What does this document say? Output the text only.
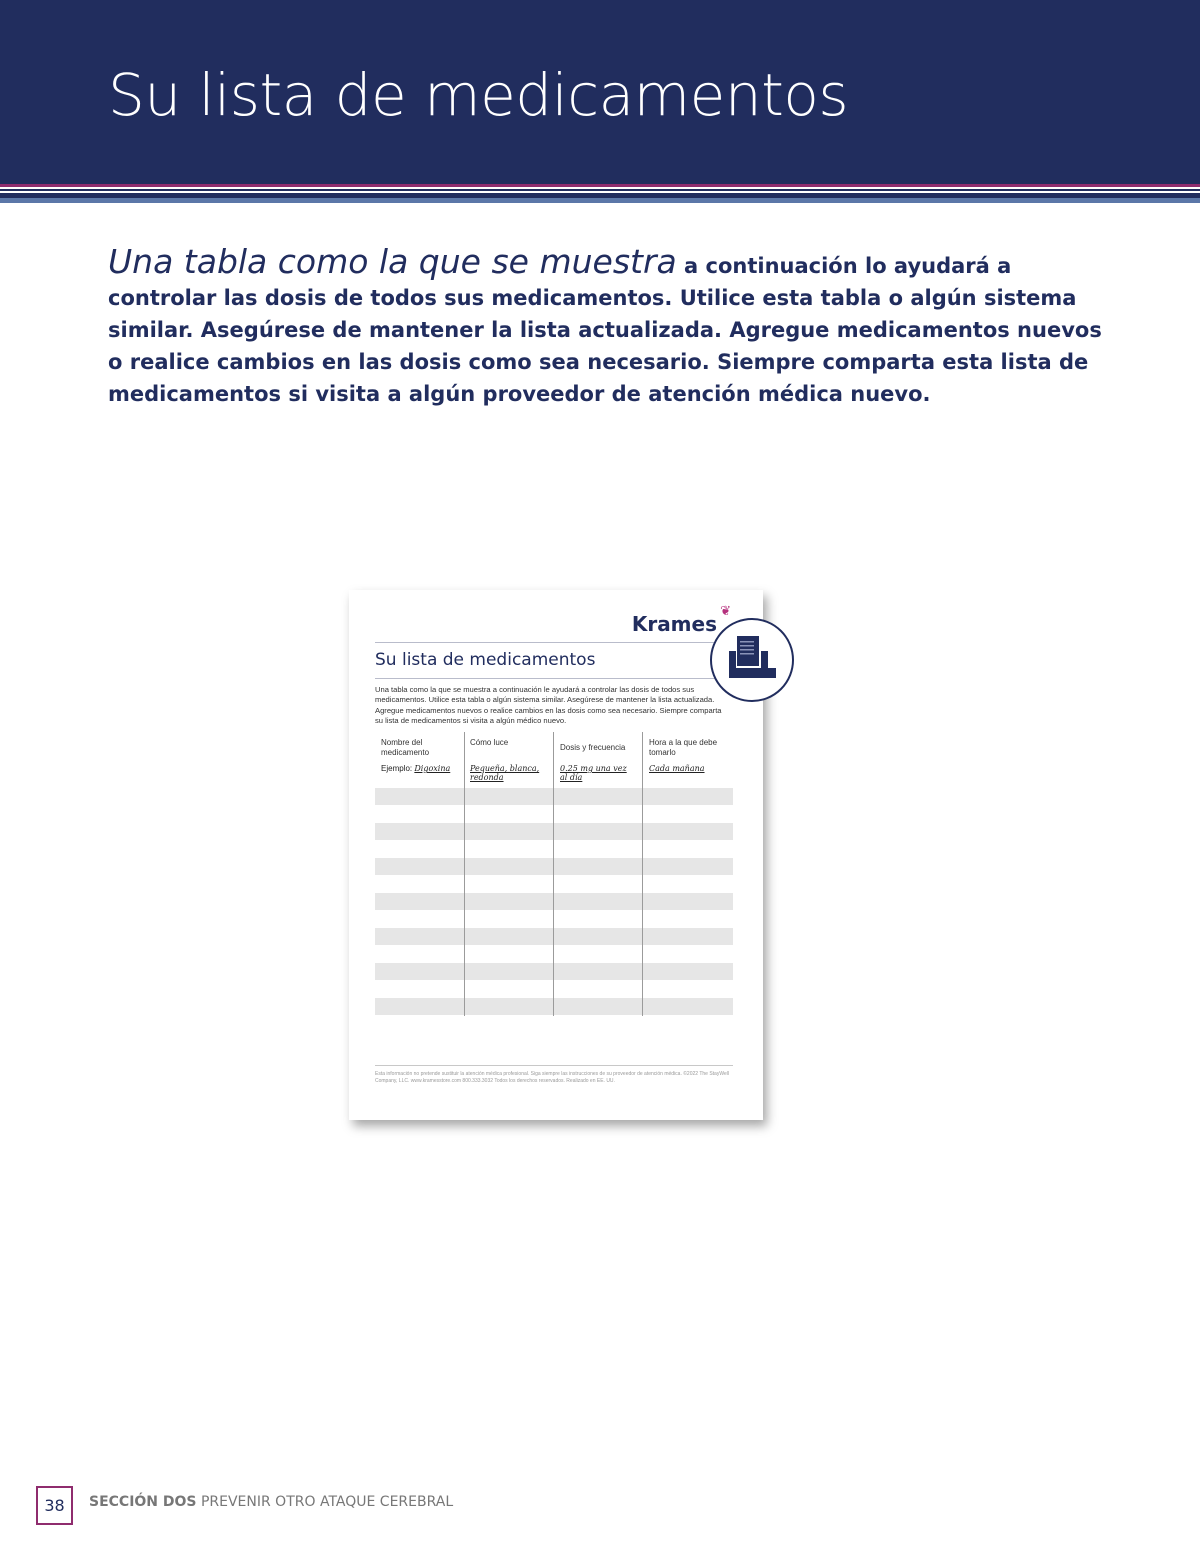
Su lista de medicamentos
Una tabla como la que se muestra a continuación lo ayudará a controlar las dosis de todos sus medicamentos. Utilice esta tabla o algún sistema similar. Asegúrese de mantener la lista actualizada. Agregue medicamentos nuevos o realice cambios en las dosis como sea necesario. Siempre comparta esta lista de medicamentos si visita a algún proveedor de atención médica nuevo.
Krames
❦
Su lista de medicamentos
Una tabla como la que se muestra a continuación le ayudará a controlar las dosis de todos sus medicamentos. Utilice esta tabla o algún sistema similar. Asegúrese de mantener la lista actualizada. Agregue medicamentos nuevos o realice cambios en las dosis como sea necesario. Siempre comparta su lista de medicamentos si visita a algún médico nuevo.
Nombre del medicamento
Cómo luce
Dosis y frecuencia
Hora a la que debe tomarlo
Ejemplo: Digoxina	Pequeña, blanca, redonda
0.25 mg una vez al día
Cada mañana
Esta información no pretende sustituir la atención médica profesional. Siga siempre las instrucciones de su proveedor de atención médica. ©2022 The StayWell Company, LLC. www.kramesstore.com 800.333.3032 Todos los derechos reservados. Realizado en EE. UU.
38	SECCIÓN DOS PREVENIR OTRO ATAQUE CEREBRAL
